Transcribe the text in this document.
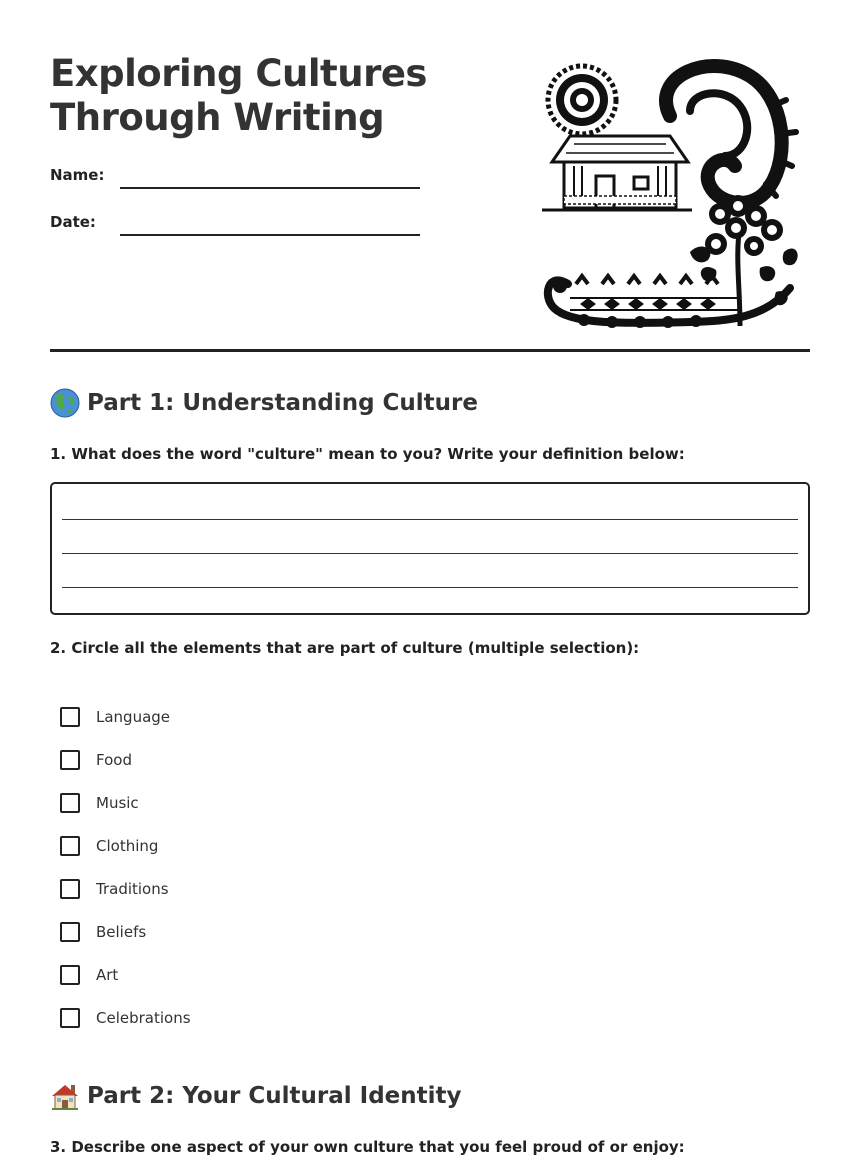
Exploring Cultures Through Writing
Name:
Date:
Part 1: Understanding Culture
1. What does the word "culture" mean to you? Write your definition below:
2. Circle all the elements that are part of culture (multiple selection):
Language
Food
Music
Clothing
Traditions
Beliefs
Art
Celebrations
Part 2: Your Cultural Identity
3. Describe one aspect of your own culture that you feel proud of or enjoy:
